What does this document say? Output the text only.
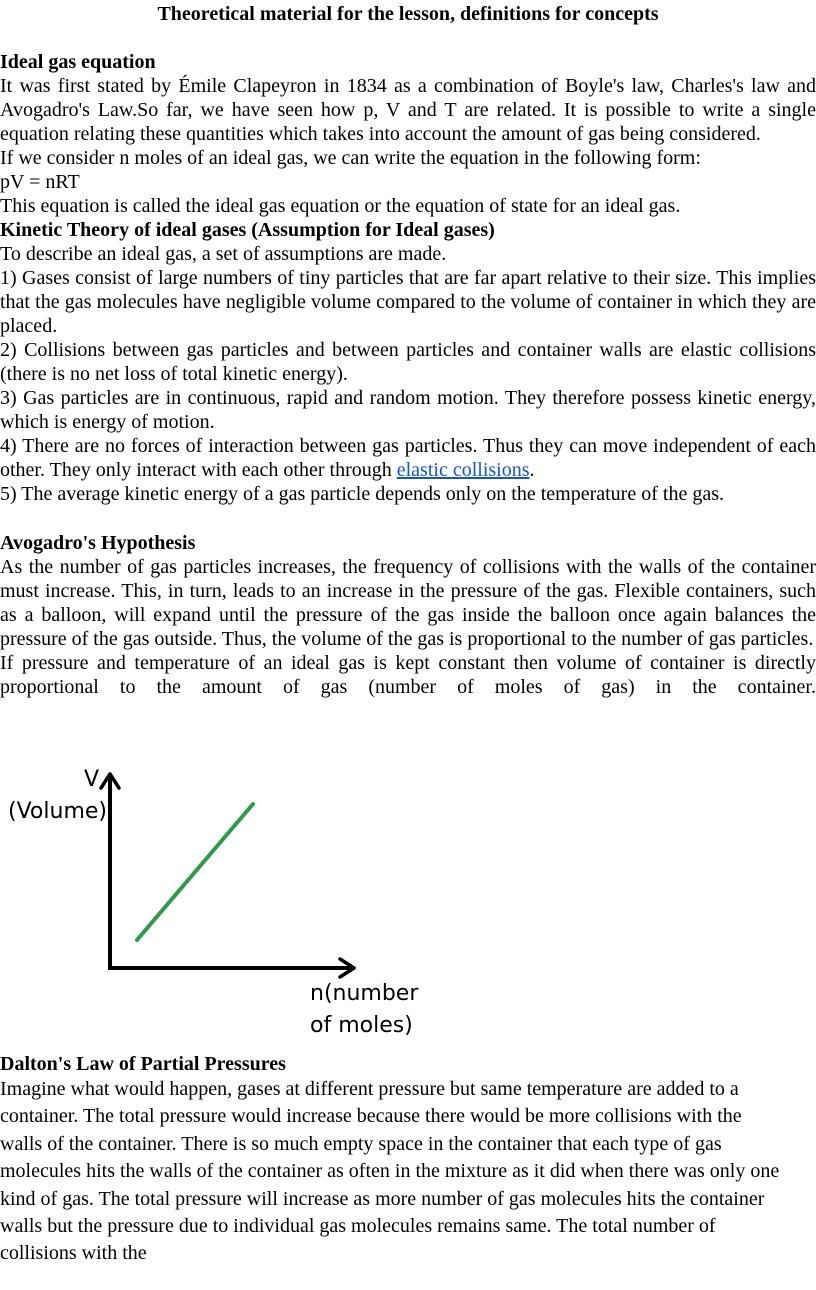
Theoretical material for the lesson, definitions for concepts
Ideal gas equation
It was first stated by Émile Clapeyron in 1834 as a combination of Boyle's law, Charles's law and Avogadro's Law.So far, we have seen how p, V and T are related. It is possible to write a single equation relating these quantities which takes into account the amount of gas being considered.
If we consider n moles of an ideal gas, we can write the equation in the following form:
pV = nRT
This equation is called the ideal gas equation or the equation of state for an ideal gas.
Kinetic Theory of ideal gases (Assumption for Ideal gases)
To describe an ideal gas, a set of assumptions are made.
1) Gases consist of large numbers of tiny particles that are far apart relative to their size. This implies that the gas molecules have negligible volume compared to the volume of container in which they are placed.
2) Collisions between gas particles and between particles and container walls are elastic collisions (there is no net loss of total kinetic energy).
3) Gas particles are in continuous, rapid and random motion. They therefore possess kinetic energy, which is energy of motion.
4) There are no forces of interaction between gas particles. Thus they can move independent of each other. They only interact with each other through elastic collisions.
5) The average kinetic energy of a gas particle depends only on the temperature of the gas.
Avogadro's Hypothesis
As the number of gas particles increases, the frequency of collisions with the walls of the container must increase. This, in turn, leads to an increase in the pressure of the gas. Flexible containers, such as a balloon, will expand until the pressure of the gas inside the balloon once again balances the pressure of the gas outside. Thus, the volume of the gas is proportional to the number of gas particles.
If pressure and temperature of an ideal gas is kept constant then volume of container is directly proportional to the amount of gas (number of moles of gas) in the container.
V
(Volume)
n(number
of moles)
Dalton's Law of Partial Pressures
Imagine what would happen, gases at different pressure but same temperature are added to a
container. The total pressure would increase because there would be more collisions with the
walls of the container. There is so much empty space in the container that each type of gas
molecules hits the walls of the container as often in the mixture as it did when there was only one
kind of gas. The total pressure will increase as more number of gas molecules hits the container
walls but the pressure due to individual gas molecules remains same. The total number of
collisions with the
